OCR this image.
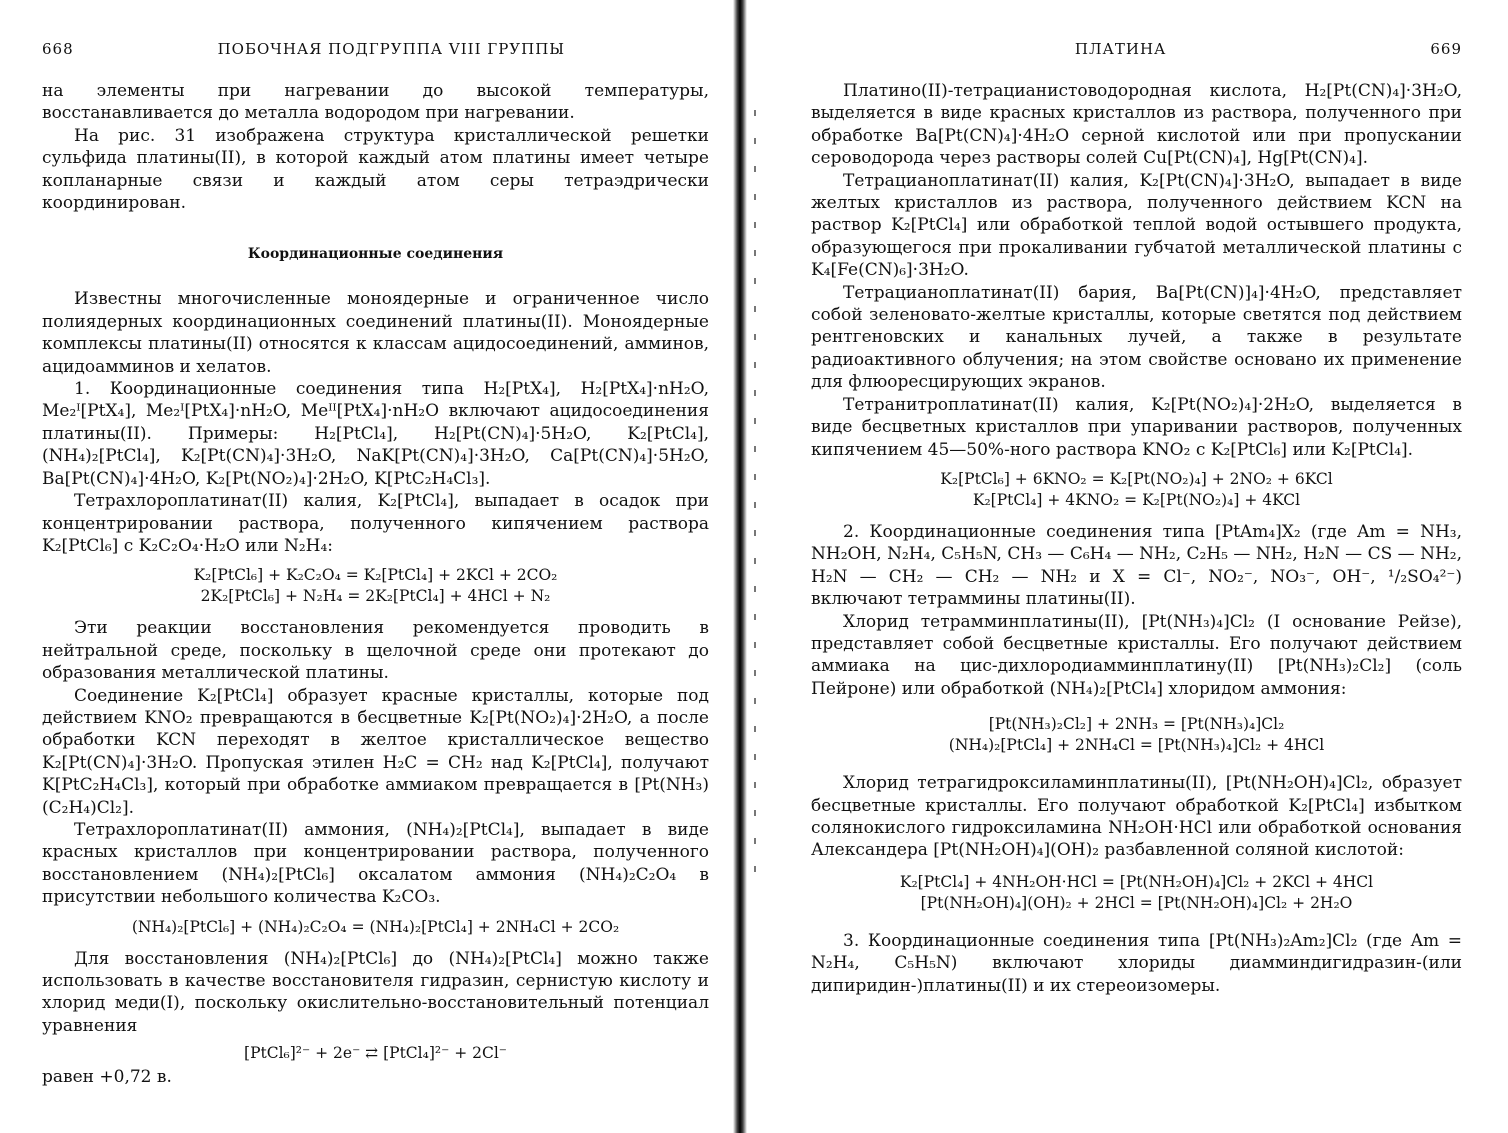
668	ПОБОЧНАЯ ПОДГРУППА VIII ГРУППЫ

на элементы при нагревании до высокой температуры, восстанавливается до металла водородом при нагревании.

На рис. 31 изображена структура кристаллической решетки сульфида платины(II), в которой каждый атом платины имеет четыре копланарные связи и каждый атом серы тетраэдрически координирован.

Координационные соединения

Известны многочисленные моноядерные и ограниченное число полиядерных координационных соединений платины(II). Моноядерные комплексы платины(II) относятся к классам ацидосоединений, амминов, ацидоамминов и хелатов.

1. Координационные соединения типа H₂[PtX₄], H₂[PtX₄]·nH₂O, Me₂ᴵ[PtX₄], Me₂ᴵ[PtX₄]·nH₂O, Meᴵᴵ[PtX₄]·nH₂O включают ацидосоединения платины(II). Примеры: H₂[PtCl₄], H₂[Pt(CN)₄]·5H₂O, K₂[PtCl₄], (NH₄)₂[PtCl₄], K₂[Pt(CN)₄]·3H₂O, NaK[Pt(CN)₄]·3H₂O, Ca[Pt(CN)₄]·5H₂O, Ba[Pt(CN)₄]·4H₂O, K₂[Pt(NO₂)₄]·2H₂O, K[PtC₂H₄Cl₃].

Тетрахлороплатинат(II) калия, K₂[PtCl₄], выпадает в осадок при концентрировании раствора, полученного кипячением раствора K₂[PtCl₆] с K₂C₂O₄·H₂O или N₂H₄:

K₂[PtCl₆] + K₂C₂O₄ = K₂[PtCl₄] + 2KCl + 2CO₂
2K₂[PtCl₆] + N₂H₄ = 2K₂[PtCl₄] + 4HCl + N₂

Эти реакции восстановления рекомендуется проводить в нейтральной среде, поскольку в щелочной среде они протекают до образования металлической платины.

Соединение K₂[PtCl₄] образует красные кристаллы, которые под действием KNO₂ превращаются в бесцветные K₂[Pt(NO₂)₄]·2H₂O, а после обработки KCN переходят в желтое кристаллическое вещество K₂[Pt(CN)₄]·3H₂O. Пропуская этилен H₂C = CH₂ над K₂[PtCl₄], получают K[PtC₂H₄Cl₃], который при обработке аммиаком превращается в [Pt(NH₃)(C₂H₄)Cl₂].

Тетрахлороплатинат(II) аммония, (NH₄)₂[PtCl₄], выпадает в виде красных кристаллов при концентрировании раствора, полученного восстановлением (NH₄)₂[PtCl₆] оксалатом аммония (NH₄)₂C₂O₄ в присутствии небольшого количества K₂CO₃.

(NH₄)₂[PtCl₆] + (NH₄)₂C₂O₄ = (NH₄)₂[PtCl₄] + 2NH₄Cl + 2CO₂

Для восстановления (NH₄)₂[PtCl₆] до (NH₄)₂[PtCl₄] можно также использовать в качестве восстановителя гидразин, сернистую кислоту и хлорид меди(I), поскольку окислительно-восстановительный потенциал уравнения

[PtCl₆]²⁻ + 2e⁻ ⇄ [PtCl₄]²⁻ + 2Cl⁻

равен +0,72 в.

ПЛАТИНА	669

Платино(II)-тетрацианистоводородная кислота, H₂[Pt(CN)₄]·3H₂O, выделяется в виде красных кристаллов из раствора, полученного при обработке Ba[Pt(CN)₄]·4H₂O серной кислотой или при пропускании сероводорода через растворы солей Cu[Pt(CN)₄], Hg[Pt(CN)₄].

Тетрацианоплатинат(II) калия, K₂[Pt(CN)₄]·3H₂O, выпадает в виде желтых кристаллов из раствора, полученного действием KCN на раствор K₂[PtCl₄] или обработкой теплой водой остывшего продукта, образующегося при прокаливании губчатой металлической платины с K₄[Fe(CN)₆]·3H₂O.

Тетрацианоплатинат(II) бария, Ba[Pt(CN)]₄]·4H₂O, представляет собой зеленовато-желтые кристаллы, которые светятся под действием рентгеновских и канальных лучей, а также в результате радиоактивного облучения; на этом свойстве основано их применение для флюоресцирующих экранов.

Тетранитроплатинат(II) калия, K₂[Pt(NO₂)₄]·2H₂O, выделяется в виде бесцветных кристаллов при упаривании растворов, полученных кипячением 45—50%-ного раствора KNO₂ с K₂[PtCl₆] или K₂[PtCl₄].

K₂[PtCl₆] + 6KNO₂ = K₂[Pt(NO₂)₄] + 2NO₂ + 6KCl
K₂[PtCl₄] + 4KNO₂ = K₂[Pt(NO₂)₄] + 4KCl

2. Координационные соединения типа [PtAm₄]X₂ (где Am = NH₃, NH₂OH, N₂H₄, C₅H₅N, CH₃ — C₆H₄ — NH₂, C₂H₅ — NH₂, H₂N — CS — NH₂, H₂N — CH₂ — CH₂ — NH₂ и X = Cl⁻, NO₂⁻, NO₃⁻, OH⁻, ¹/₂SO₄²⁻) включают тетраммины платины(II).

Хлорид тетрамминплатины(II), [Pt(NH₃)₄]Cl₂ (I основание Рейзе), представляет собой бесцветные кристаллы. Его получают действием аммиака на цис-дихлородиамминплатину(II) [Pt(NH₃)₂Cl₂] (соль Пейроне) или обработкой (NH₄)₂[PtCl₄] хлоридом аммония:

[Pt(NH₃)₂Cl₂] + 2NH₃ = [Pt(NH₃)₄]Cl₂
(NH₄)₂[PtCl₄] + 2NH₄Cl = [Pt(NH₃)₄]Cl₂ + 4HCl

Хлорид тетрагидроксиламинплатины(II), [Pt(NH₂OH)₄]Cl₂, образует бесцветные кристаллы. Его получают обработкой K₂[PtCl₄] избытком солянокислого гидроксиламина NH₂OH·HCl или обработкой основания Александера [Pt(NH₂OH)₄](OH)₂ разбавленной соляной кислотой:

K₂[PtCl₄] + 4NH₂OH·HCl = [Pt(NH₂OH)₄]Cl₂ + 2KCl + 4HCl
[Pt(NH₂OH)₄](OH)₂ + 2HCl = [Pt(NH₂OH)₄]Cl₂ + 2H₂O

3. Координационные соединения типа [Pt(NH₃)₂Am₂]Cl₂ (где Am = N₂H₄, C₅H₅N) включают хлориды диамминдигидразин-(или дипиридин-)платины(II) и их стереоизомеры.
